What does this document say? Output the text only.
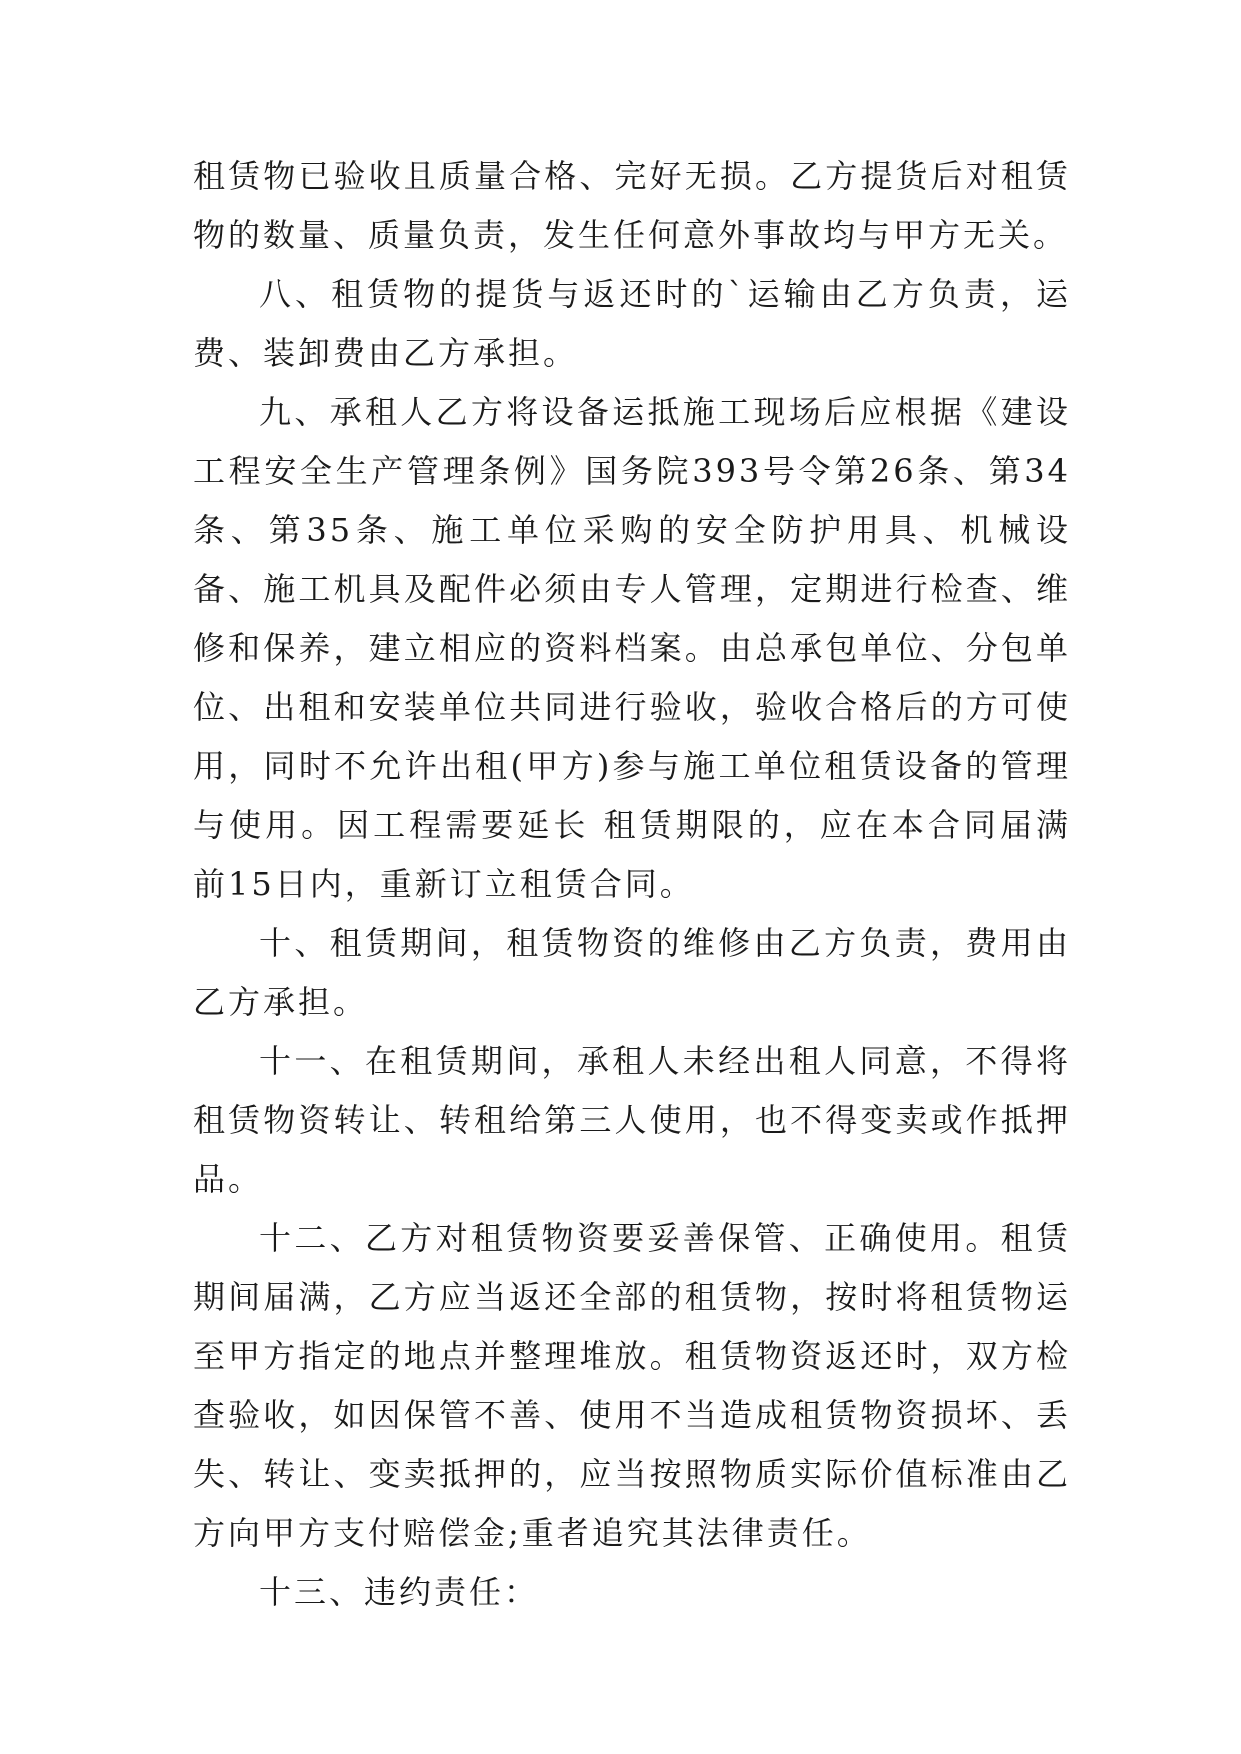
租赁物已验收且质量合格、完好无损。乙方提货后对租赁物的数量、质量负责，发生任何意外事故均与甲方无关。

八、租赁物的提货与返还时的`运输由乙方负责，运费、装卸费由乙方承担。

九、承租人乙方将设备运抵施工现场后应根据《建设工程安全生产管理条例》国务院393号令第26条、第34条、第35条、施工单位采购的安全防护用具、机械设备、施工机具及配件必须由专人管理，定期进行检查、维修和保养，建立相应的资料档案。由总承包单位、分包单位、出租和安装单位共同进行验收，验收合格后的方可使用，同时不允许出租(甲方)参与施工单位租赁设备的管理与使用。因工程需要延长 租赁期限的，应在本合同届满前15日内，重新订立租赁合同。

十、租赁期间，租赁物资的维修由乙方负责，费用由乙方承担。

十一、在租赁期间，承租人未经出租人同意，不得将租赁物资转让、转租给第三人使用，也不得变卖或作抵押品。

十二、乙方对租赁物资要妥善保管、正确使用。租赁期间届满，乙方应当返还全部的租赁物，按时将租赁物运至甲方指定的地点并整理堆放。租赁物资返还时，双方检查验收，如因保管不善、使用不当造成租赁物资损坏、丢失、转让、变卖抵押的，应当按照物质实际价值标准由乙方向甲方支付赔偿金;重者追究其法律责任。

十三、违约责任：
